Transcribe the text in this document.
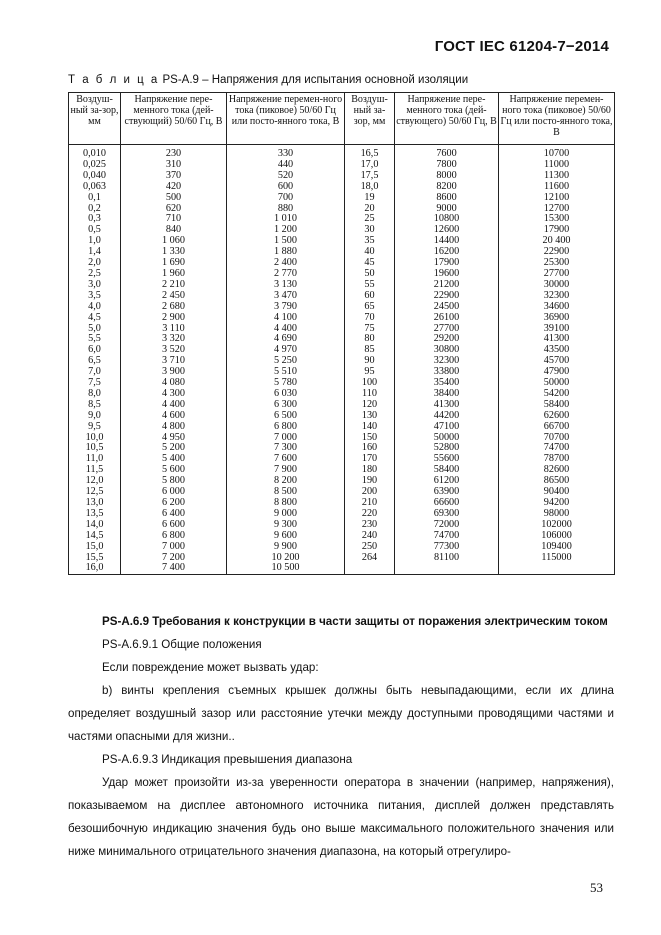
ГОСТ IEC 61204-7−2014
Т а б л и ц а PS-A.9 – Напряжения для испытания основной изоляции
Воздуш-ный за-зор, мм	Напряжение пере-менного тока (дей-ствующий) 50/60 Гц, В	Напряжение перемен-ного тока (пиковое) 50/60 Гц или посто-янного тока, В	Воздуш-ный за-зор, мм	Напряжение пере-менного тока (дей-ствующего) 50/60 Гц, В	Напряжение перемен-ного тока (пиковое) 50/60 Гц или посто-янного тока, В
0,010	230	330	16,5	7600	10700
0,025	310	440	17,0	7800	11000
0,040	370	520	17,5	8000	11300
0,063	420	600	18,0	8200	11600
0,1	500	700	19	8600	12100
0,2	620	880	20	9000	12700
0,3	710	1 010	25	10800	15300
0,5	840	1 200	30	12600	17900
1,0	1 060	1 500	35	14400	20 400
1,4	1 330	1 880	40	16200	22900
2,0	1 690	2 400	45	17900	25300
2,5	1 960	2 770	50	19600	27700
3,0	2 210	3 130	55	21200	30000
3,5	2 450	3 470	60	22900	32300
4,0	2 680	3 790	65	24500	34600
4,5	2 900	4 100	70	26100	36900
5,0	3 110	4 400	75	27700	39100
5,5	3 320	4 690	80	29200	41300
6,0	3 520	4 970	85	30800	43500
6,5	3 710	5 250	90	32300	45700
7,0	3 900	5 510	95	33800	47900
7,5	4 080	5 780	100	35400	50000
8,0	4 300	6 030	110	38400	54200
8,5	4 400	6 300	120	41300	58400
9,0	4 600	6 500	130	44200	62600
9,5	4 800	6 800	140	47100	66700
10,0	4 950	7 000	150	50000	70700
10,5	5 200	7 300	160	52800	74700
11,0	5 400	7 600	170	55600	78700
11,5	5 600	7 900	180	58400	82600
12,0	5 800	8 200	190	61200	86500
12,5	6 000	8 500	200	63900	90400
13,0	6 200	8 800	210	66600	94200
13,5	6 400	9 000	220	69300	98000
14,0	6 600	9 300	230	72000	102000
14,5	6 800	9 600	240	74700	106000
15,0	7 000	9 900	250	77300	109400
15,5	7 200	10 200	264	81100	115000
16,0	7 400	10 500			

PS-A.6.9 Требования к конструкции в части защиты от поражения электрическим током

PS-A.6.9.1 Общие положения

Если повреждение может вызвать удар:

b) винты крепления съемных крышек должны быть невыпадающими, если их длина определяет воздушный зазор или расстояние утечки между доступными проводящими частями и частями опасными для жизни..

PS-A.6.9.3 Индикация превышения диапазона

Удар может произойти из-за уверенности оператора в значении (например, напряжения), показываемом на дисплее автономного источника питания, дисплей должен представлять безошибочную индикацию значения будь оно выше максимального положительного значения или ниже минимального отрицательного значения диапазона, на который отрегулиро-

53
